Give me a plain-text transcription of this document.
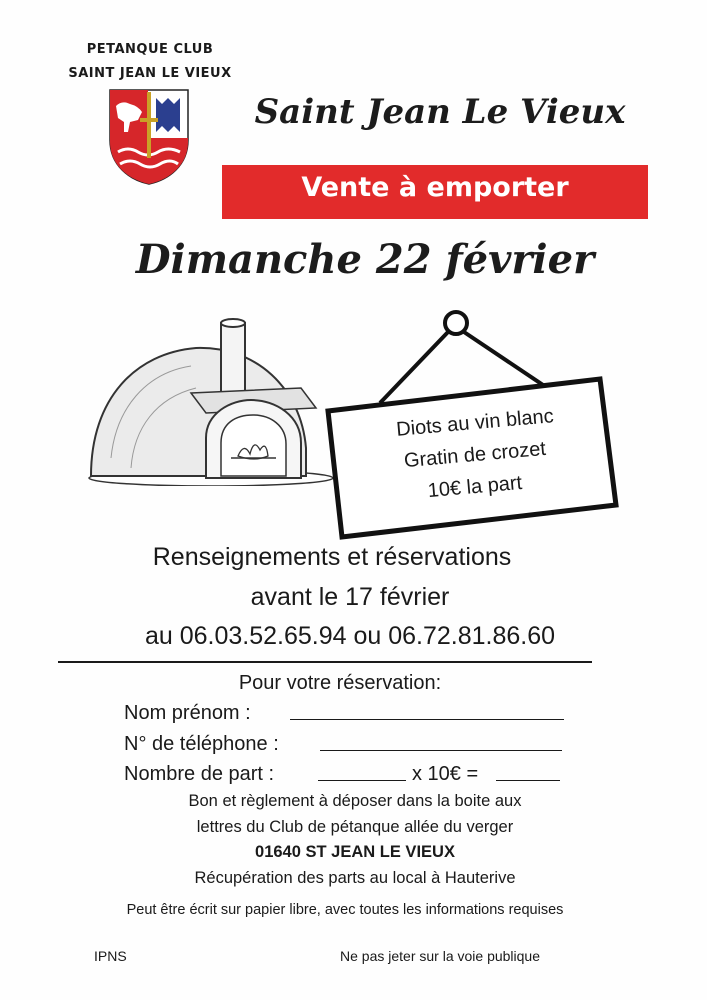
PETANQUE CLUB
SAINT JEAN LE VIEUX
Saint Jean Le Vieux
Vente à emporter
Dimanche 22 février
Diots au vin blanc
Gratin de crozet
10€ la part
Renseignements et réservations
avant le 17 février
au 06.03.52.65.94 ou 06.72.81.86.60
Pour votre réservation:
Nom prénom :
N° de téléphone :
Nombre de part :	x 10€ =
Bon et règlement à déposer dans la boite aux
lettres du Club de pétanque allée du verger
01640 ST JEAN LE VIEUX
Récupération des parts au local à Hauterive
Peut être écrit sur papier libre, avec toutes les informations requises
IPNS	Ne pas jeter sur la voie publique
